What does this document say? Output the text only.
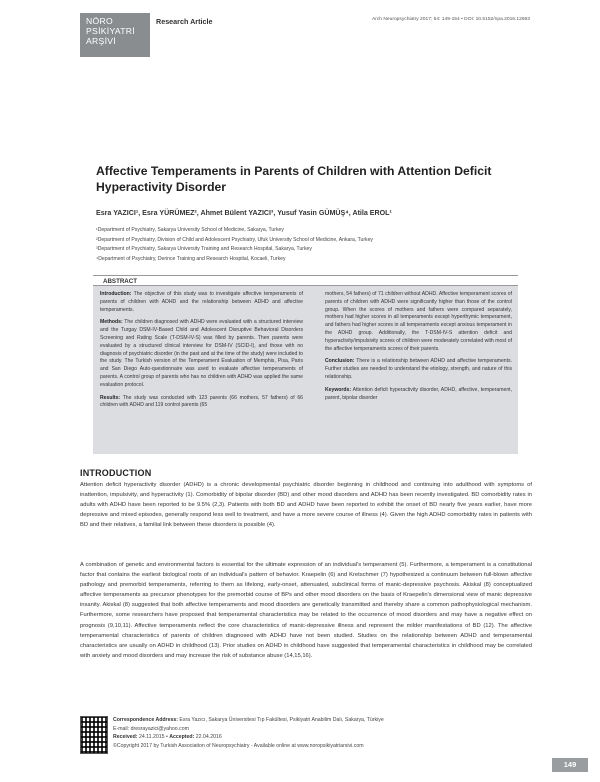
NÖRO
PSİKİYATRİ
ARŞİVİ
Research Article	Arch Neuropsychiatry 2017; 54: 149-154 • DOI: 10.5152/npa.2016.12693
Affective Temperaments in Parents of Children with Attention Deficit Hyperactivity Disorder
Esra YAZICI¹, Esra YÜRÜMEZ², Ahmet Bülent YAZICI³, Yusuf Yasin GÜMÜŞ⁴, Atila EROL¹
¹Department of Psychiatry, Sakarya University School of Medicine, Sakarya, Turkey
²Department of Psychiatry, Division of Child and Adolescent Psychiatry, Ufuk University School of Medicine, Ankara, Turkey
³Department of Psychiatry, Sakarya University Training and Research Hospital, Sakarya, Turkey
⁴Department of Psychiatry, Derince Training and Research Hospital, Kocaeli, Turkey
ABSTRACT

Introduction: The objective of this study was to investigate affective temperaments of parents of children with ADHD and the relationship between ADHD and affective temperaments.

Methods: The children diagnosed with ADHD were evaluated with a structured interview and the Turgay DSM-IV-Based Child and Adolescent Disruptive Behavioral Disorders Screening and Rating Scale (T-DSM-IV-S) was filled by parents. Then parents were evaluated by a structured clinical interview for DSM-IV (SCID-I), and those with no diagnosis of psychiatric disorder (in the past and at the time of the study) were included to the study. The Turkish version of the Temperament Evaluation of Memphis, Pisa, Paris and San Diego Auto-questionnaire was used to evaluate affective temperaments of parents. A control group of parents who has no children with ADHD was applied the same evaluation protocol.

Results: The study was conducted with 123 parents (66 mothers, 57 fathers) of 66 children with ADHD and 119 control parents (65

mothers, 54 fathers) of 71 children without ADHD. Affective temperament scores of parents of children with ADHD were significantly higher than those of the control group. When the scores of mothers and fathers were compared separately, mothers had higher scores in all temperaments except hyperthymic temperament, and fathers had higher scores in all temperaments except anxious temperament in the ADHD group. Additionally, the T-DSM-IV-S attention deficit and hyperactivity/impulsivity scores of children were moderately correlated with most of the affective temperaments scores of their parents.

Conclusion: There is a relationship between ADHD and affective temperaments. Further studies are needed to understand the etiology, strength, and nature of this relationship.

Keywords: Attention deficit hyperactivity disorder, ADHD, affective, temperament, parent, bipolar disorder

INTRODUCTION

Attention deficit hyperactivity disorder (ADHD) is a chronic developmental psychiatric disorder beginning in childhood and continuing into adulthood with symptoms of inattention, impulsivity, and hyperactivity (1). Comorbidity of bipolar disorder (BD) and other mood disorders and ADHD has been recently investigated. BD comorbidity rates in adults with ADHD have been reported to be 9.5% (2,3). Patients with both BD and ADHD have been reported to exhibit the onset of BD nearly five years earlier, have more depressive and mixed episodes, generally respond less well to treatment, and have a more severe course of illness (4). Given the high ADHD comorbidity rates in patients with BD and their relatives, a familial link between these disorders is possible (4).

A combination of genetic and environmental factors is essential for the ultimate expression of an individual's temperament (5). Furthermore, a temperament is a constitutional factor that contains the earliest biological roots of an individual's pattern of behavior. Kraepelin (6) and Kretschmer (7) hypothesized a continuum between full-blown affective pathology and premorbid temperaments, referring to them as lifelong, early-onset, attenuated, subclinical forms of manic-depressive psychosis. Akiskal (8) conceptualized affective temperaments as precursor phenotypes for the premorbid course of BPs and other mood disorders on the basis of Kraepelin's dimensional view of manic depressive insanity. Akiskal (8) suggested that both affective temperaments and mood disorders are genetically transmitted and thereby share a common pathophysiological mechanism. Furthermore, some researchers have proposed that temperamental characteristics may be related to the occurrence of mood disorders and may have a negative effect on prognosis (9,10,11). Affective temperaments reflect the core characteristics of manic-depressive illness and represent the milder manifestations of BD (12). The affective temperamental characteristics of parents of children diagnosed with ADHD have not been studied. Studies on the relationship between ADHD and temperamental characteristics are usually on ADHD in childhood (13). Prior studies on ADHD in childhood have suggested that temperamental characteristics in childhood may be correlated with anxiety and mood disorders and may increase the risk of substance abuse (14,15,16).

Correspondence Address: Esra Yazıcı, Sakarya Üniversitesi Tıp Fakültesi, Psikiyatri Anabilim Dalı, Sakarya, Türkiye
E-mail: dresrayazici@yahoo.com
Received: 24.11.2015 • Accepted: 22.04.2016
©Copyright 2017 by Turkish Association of Neuropsychiatry - Available online at www.noropsikiyatriarsivi.com
149
